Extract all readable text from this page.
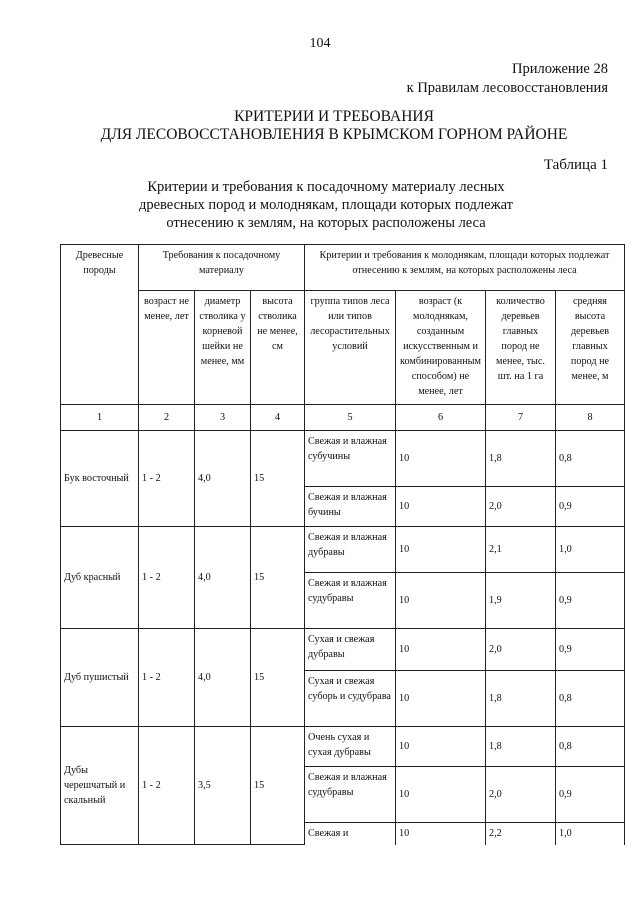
104
Приложение 28
к Правилам лесовосстановления
КРИТЕРИИ И ТРЕБОВАНИЯ
ДЛЯ ЛЕСОВОССТАНОВЛЕНИЯ В КРЫМСКОМ ГОРНОМ РАЙОНЕ
Таблица 1
Критерии и требования к посадочному материалу лесных
древесных пород и молоднякам, площади которых подлежат
отнесению к землям, на которых расположены леса
Древесные породы	Требования к посадочному материалу			Критерии и требования к молоднякам, площади которых подлежат отнесению к землям, на которых расположены леса			
	возраст не менее, лет	диаметр стволика у корневой шейки не менее, мм	высота стволика не менее, см	группа типов леса или типов лесорастительных условий	возраст (к молоднякам, созданным искусственным и комбинированным способом) не менее, лет	количество деревьев главных пород не менее, тыс. шт. на 1 га	средняя высота деревьев главных пород не менее, м
1	2	3	4	5	6	7	8
Бук восточный	1 - 2	4,0	15	Свежая и влажная субучины	10	1,8	0,8
				Свежая и влажная бучины	10	2,0	0,9
Дуб красный	1 - 2	4,0	15	Свежая и влажная дубравы	10	2,1	1,0
				Свежая и влажная судубравы	10	1,9	0,9
Дуб пушистый	1 - 2	4,0	15	Сухая и свежая дубравы	10	2,0	0,9
				Сухая и свежая суборь и судубрава	10	1,8	0,8
Дубы черешчатый и скальный	1 - 2	3,5	15	Очень сухая и сухая дубравы	10	1,8	0,8
				Свежая и влажная судубравы	10	2,0	0,9
				Свежая и	10	2,2	1,0
